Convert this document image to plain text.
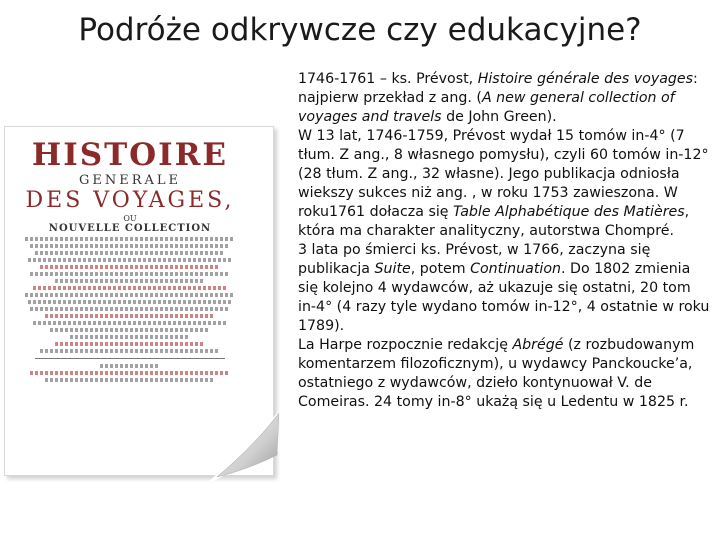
Podróże odkrywcze czy edukacyjne?
HISTOIRE
GENERALE
DES VOYAGES,
OU
NOUVELLE COLLECTION

1746-1761 – ks. Prévost, Histoire générale des voyages: najpierw przekład z ang. (A new general collection of voyages and travels de John Green).

W 13 lat, 1746-1759, Prévost wydał 15 tomów in-4° (7 tłum. Z ang., 8 własnego pomysłu), czyli 60 tomów in-12° (28 tłum. Z ang., 32 własne). Jego publikacja odniosła wiekszy sukces niż ang. , w roku 1753 zawieszona. W roku1761 dołacza się Table Alphabétique des Matières, która ma charakter analityczny, autorstwa Chompré.

3 lata po śmierci ks. Prévost, w 1766, zaczyna się publikacja Suite, potem Continuation. Do 1802 zmienia się kolejno 4 wydawców, aż ukazuje się ostatni, 20 tom in-4° (4 razy tyle wydano tomów in-12°, 4 ostatnie w roku 1789).

La Harpe rozpocznie redakcję Abrégé (z rozbudowanym komentarzem filozoficznym), u wydawcy Panckoucke’a, ostatniego z wydawców, dzieło kontynuował V. de Comeiras. 24 tomy in-8° ukażą się u Ledentu w 1825 r.
